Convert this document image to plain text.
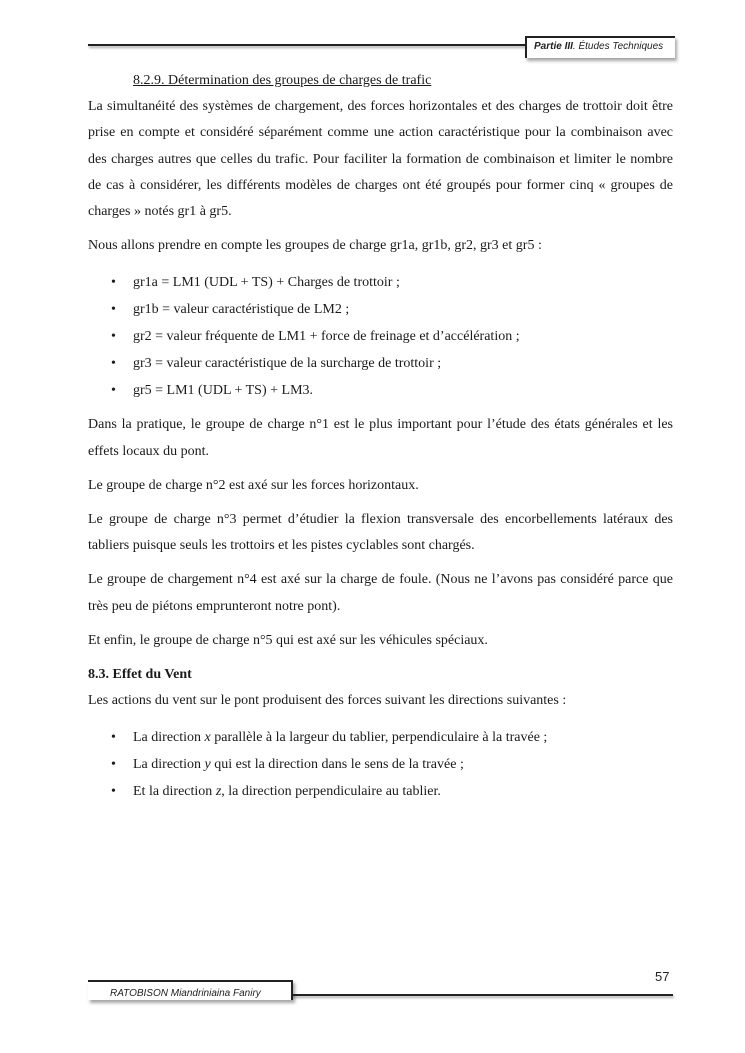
Partie III. Études Techniques

8.2.9. Détermination des groupes de charges de trafic

La simultanéité des systèmes de chargement, des forces horizontales et des charges de trottoir doit être prise en compte et considéré séparément comme une action caractéristique pour la combinaison avec des charges autres que celles du trafic. Pour faciliter la formation de combinaison et limiter le nombre de cas à considérer, les différents modèles de charges ont été groupés pour former cinq « groupes de charges » notés gr1 à gr5.

Nous allons prendre en compte les groupes de charge gr1a, gr1b, gr2, gr3 et gr5 :

• gr1a = LM1 (UDL + TS) + Charges de trottoir ;
• gr1b = valeur caractéristique de LM2 ;
• gr2 = valeur fréquente de LM1 + force de freinage et d’accélération ;
• gr3 = valeur caractéristique de la surcharge de trottoir ;
• gr5 = LM1 (UDL + TS) + LM3.

Dans la pratique, le groupe de charge n°1 est le plus important pour l’étude des états générales et les effets locaux du pont.

Le groupe de charge n°2 est axé sur les forces horizontaux.

Le groupe de charge n°3 permet d’étudier la flexion transversale des encorbellements latéraux des tabliers puisque seuls les trottoirs et les pistes cyclables sont chargés.

Le groupe de chargement n°4 est axé sur la charge de foule. (Nous ne l’avons pas considéré parce que très peu de piétons emprunteront notre pont).

Et enfin, le groupe de charge n°5 qui est axé sur les véhicules spéciaux.

8.3. Effet du Vent

Les actions du vent sur le pont produisent des forces suivant les directions suivantes :

• La direction x parallèle à la largeur du tablier, perpendiculaire à la travée ;
• La direction y qui est la direction dans le sens de la travée ;
• Et la direction z, la direction perpendiculaire au tablier.
57
RATOBISON Miandriniaina Faniry
